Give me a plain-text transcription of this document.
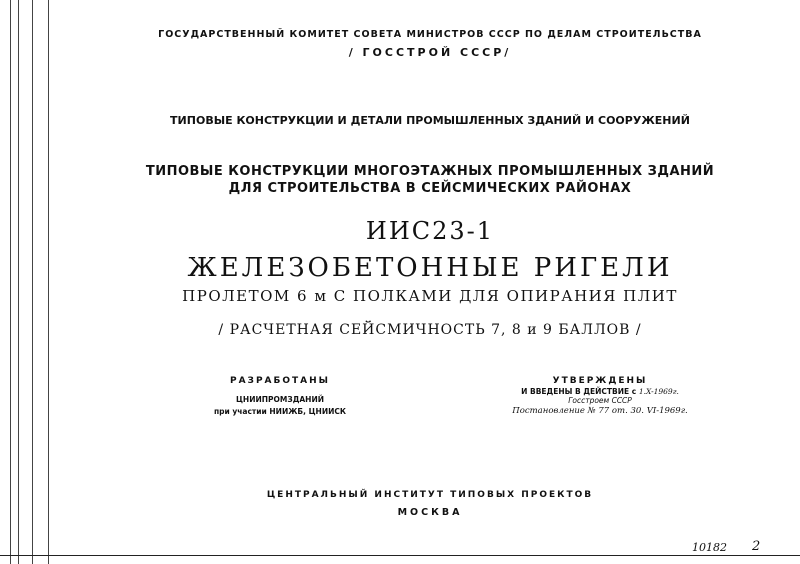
ГОСУДАРСТВЕННЫЙ КОМИТЕТ СОВЕТА МИНИСТРОВ СССР ПО ДЕЛАМ СТРОИТЕЛЬСТВА
/ ГОССТРОЙ СССР/
ТИПОВЫЕ КОНСТРУКЦИИ И ДЕТАЛИ ПРОМЫШЛЕННЫХ ЗДАНИЙ И СООРУЖЕНИЙ
ТИПОВЫЕ КОНСТРУКЦИИ МНОГОЭТАЖНЫХ ПРОМЫШЛЕННЫХ ЗДАНИЙ
ДЛЯ СТРОИТЕЛЬСТВА В СЕЙСМИЧЕСКИХ РАЙОНАХ
ИИС23-1
ЖЕЛЕЗОБЕТОННЫЕ РИГЕЛИ
ПРОЛЕТОМ 6 м С ПОЛКАМИ ДЛЯ ОПИРАНИЯ ПЛИТ
/ РАСЧЕТНАЯ СЕЙСМИЧНОСТЬ 7, 8 и 9 БАЛЛОВ /
РАЗРАБОТАНЫ
ЦНИИПРОМЗДАНИЙ
при участии НИИЖБ, ЦНИИСК
УТВЕРЖДЕНЫ
И ВВЕДЕНЫ В ДЕЙСТВИЕ с 1.X-1969г.
Госстроем СССР
Постановление № 77 от. 30. VI-1969г.
ЦЕНТРАЛЬНЫЙ ИНСТИТУТ ТИПОВЫХ ПРОЕКТОВ
МОСКВА
10182 2
